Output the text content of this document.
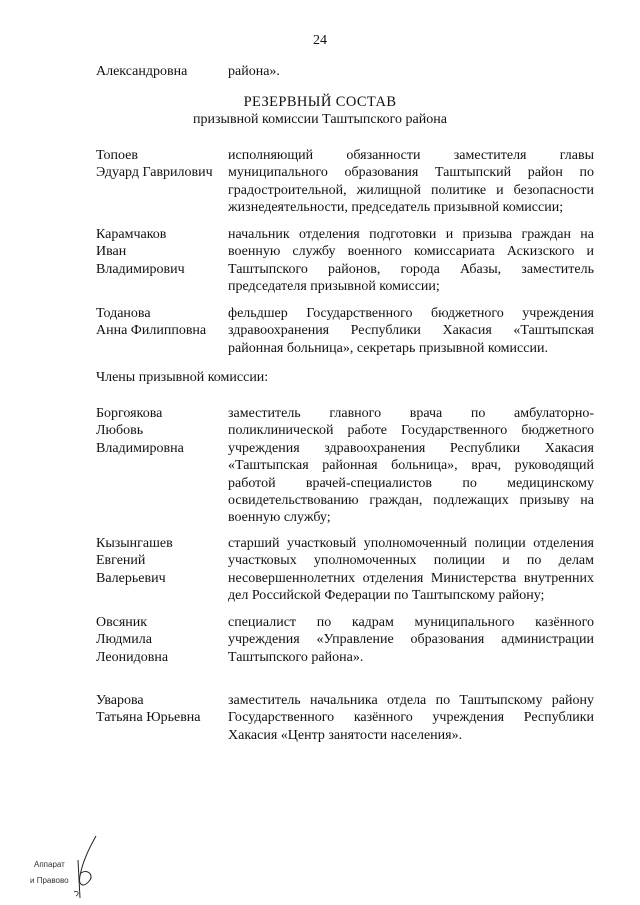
24
Александровна	района».
РЕЗЕРВНЫЙ СОСТАВ
призывной комиссии Таштыпского района
Топоев
Эдуард Гаврилович
исполняющий обязанности заместителя главы муниципального образования Таштыпский район по градостроительной, жилищной политике и безопасности жизнедеятельности, председатель призывной комиссии;
Карамчаков
Иван
Владимирович
начальник отделения подготовки и призыва граждан на военную службу военного комиссариата Аскизского и Таштыпского районов, города Абазы, заместитель председателя призывной комиссии;
Тоданова
Анна Филипповна
фельдшер Государственного бюджетного учреждения здравоохранения Республики Хакасия «Таштыпская районная больница», секретарь призывной комиссии.
Члены призывной комиссии:
Боргоякова
Любовь
Владимировна
заместитель главного врача по амбулаторно-поликлинической работе Государственного бюджетного учреждения здравоохранения Республики Хакасия «Таштыпская районная больница», врач, руководящий работой врачей-специалистов по медицинскому освидетельствованию граждан, подлежащих призыву на военную службу;
Кызынгашев
Евгений
Валерьевич
старший участковый уполномоченный полиции отделения участковых уполномоченных полиции и по делам несовершеннолетних отделения Министерства внутренних дел Российской Федерации по Таштыпскому району;
Овсяник
Людмила
Леонидовна
специалист по кадрам муниципального казённого учреждения «Управление образования администрации Таштыпского района».
Уварова
Татьяна Юрьевна
заместитель начальника отдела по Таштыпскому району Государственного казённого учреждения Республики Хакасия «Центр занятости населения».
Аппарат
и Правово
